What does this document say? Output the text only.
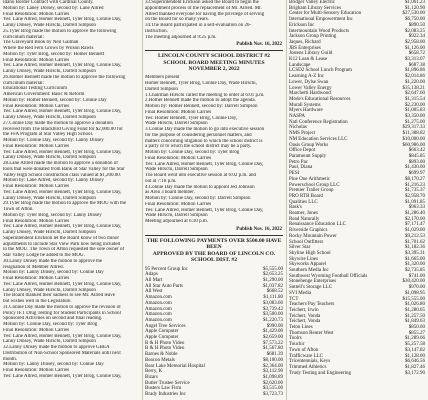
Idaho Border Contract with Cardinal County.
Motion by: Laney Dorsey, second by: Lane Allred
Final Resolution: Motion Carries
Yes: Lane Allred, Homer Bennett, Tyler Brog, Connie Day,
Lanny Dinsey, Wade Hirschi, Darrell Simpson
25.Tyler Brog made the motion to approve the following
curriculum material:
The Graveyard Book by Neil Gaiman
Where the Red Fern Grows by Wilson Rawls
Motion by: Tyler Brog, second by: Homer Bennett
Final Resolution: Motion Carries
Yes: Lane Allred, Homer Bennett, Tyler Brog, Connie Day,
Lanny Dinsey, Wade Hirschi, Darrell Simpson
26.Homer Bennett made the motion to approve the following
curriculum material:
Educational Testing Curriculum
American Government: Basic & Reform
Motion by: Homer Bennett, second by: Connie Day
Final Resolution: Motion Carries
Yes: Lane Allred, Homer Bennett, Tyler Brog, Connie Day,
Lanny Dinsey, Wade Hirschi, Darrell Simpson
27.Connie Day made the motion to approve a donation
received from The Blackbird Giving Fund for $2,000.00 for
the FFA Program at Star Valley High School.
Motion by: Connie Day, second by: Lanny Dinsey
Final Resolution: Motion Carries
Yes: Lane Allred, Homer Bennett, Tyler Brog, Connie Day,
Lanny Dinsey, Wade Hirschi, Darrell Simpson
28.Lane Allred made the motion to approve a donation of
tools that were donated from Bank of Star Valley for the Star
Valley High School construction class valued at $1,200.00.
Motion by: Lane Allred, second by: Lanny Dinsey
Final Resolution: Motion Carries
Yes: Lane Allred, Homer Bennett, Tyler Brog, Connie Day,
Lanny Dinsey, Wade Hirschi, Darrell Simpson
29.Tyler Brog made the motion to approve the MOU with the
Town of Afton.
Motion by: Tyler Brog, second by: Lanny Dinsey
Final Resolution: Motion Carries
Yes: Lane Allred, Homer Bennett, Tyler Brog, Connie Day,
Lanny Dinsey, Wade Hirschi, Darrell Simpson
Superintendent Erickson let the Board know of two minor
adjustments to include Star View Park now being included
in the MOU. The Town of Afton requested the sole owner of
Star Valley Lodge be added to the MOU.
30.Lanny Dinsey made the motion to approve the
resignation of Member Allred.
Motion by: Lanny Dinsey, second by: Connie Day
Final Resolution: Motion Carries
Yes: Lane Allred, Homer Bennett, Tyler Brog, Connie Day,
Lanny Dinsey, Wade Hirschi, Darrell Simpson
The Board thanked their sadness to see Mr. Allred leave
but wishes well in the Legislature.
31.Connie Day made the motion to approve the revision of
Policy IF.1 Drug Testing for Student Participants in School
Sponsored Activities on second and final reading.
Motion by: Connie Day, second by: Tyler Brog
Final Resolution: Motion Carries
Yes: Lane Allred, Homer Bennett, Tyler Brog, Connie Day,
Lanny Dinsey, Wade Hirschi, Darrell Simpson
32.Lanny Dinsey made the motion to approve GBEA
Distribution of Non-School Sponsored Materials until next
month.
Motion by: Lanny Dinsey, second by: Connie Day
Final Resolution: Motion Carries
Yes: Lane Allred, Homer Bennett, Tyler Brog, Connie Day,
33.Superintendent Erickson asked the Board to begin the
appointment process of the replacement of Mr. Allred. Mr.
Allred thanked everyone for having the privilege of serving
on the Board for so many years.
34.The Board participated in a self-evaluation on 26-
Instruction.
The meeting adjourned at 9:25 p.m.
Publish Nov. 16, 2022
LINCOLN COUNTY SCHOOL DISTRICT #2
SCHOOL BOARD MEETING MINUTES
NOVEMBER 2, 2022
Members present
Homer Bennett, Tyler Brog, Connie Day, Wade Hirschi,
Darrell Simpson
1.Chairman Hirschi called the meeting to order at 6:01 p.m.
2.Homer Bennett made the motion to adopt the agenda.
Motion by: Homer Bennett, second by: Darrell Simpson
Final Resolution: Motion Carries
Yes: Homer Bennett, Tyler Brog, Connie Day,
Wade Hirschi, Darrell Simpson
3.Connie Day made the motion to go into executive session
for the purpose of considering personnel matters, and
matters concerning litigation to which the school district is
a party or to which the school district may be a party.
Motion by: Connie Day, second by: Tyler Brog
Final Resolution: Motion Carries
Yes: Lane Allred, Homer Bennett, Tyler Brog, Connie Day,
Wade Hirschi, Darrell Simpson
The Board went into executive session at 6:02 p.m. and
out at 7:18 p.m.
4.Connie Day made the motion to appoint Jed Johnson
as Area 3 board member.
Motion by: Connie Day, second by: Darrell Simpson
Final Resolution: Motion Carries
Yes: Lane Allred, Homer Bennett, Tyler Brog, Connie Day,
Wade Hirschi, Darrell Simpson
Meeting adjourned at 6:30 p.m.
Publish Nov. 16, 2022
THE FOLLOWING PAYMENTS OVER $500.00 HAVE
BEEN
APPROVED BY THE BOARD OF LINCOLN CO.
SCHOOL DIST. #2
95 Percent Group Inc	$5,555.00
Adaps	$2,653.25
All Mart	$1,290.00
All Star Auto Parts	$1,037.82
All West	$668.52
Amazon.com	$1,111.80
Amazon.com	$3,083.60
Amazon.com	$3,739.42
Amazon.com	$3,500.00
Amazon.com	$1,220.73
Angel Tree Services	$990.00
Apple Computer	$1,429.00
Apple Computer	$2,659.00
B & H Photo Video	$7,573.22
B & H Photo Video	$1,567.80
Barnes & Noble	$681.39
Beacon Metals	$8,100.00
Bear Lake Memorial Hospital	$2,364.00
Berry, K	$3,112.90
Bizars	$1,098.89
Butler Trustee Service	$2,620.00
Busters Law Firm	$3,515.00
Brady Industries Inc	$3,723.73
Bridger Valley Electric	$1,061.23
Brigham Library Services	$1,120.90
Center for Multi-Sensory Education	$27,530.00
International Empowerment Inc	$6,750.00
Erickson Inc	$890.50
Intermountain Wood Products	$2,083.25
Jackson Group Printing	$922.34
Jaques, Richard	$2,958.00
JBS Enterprises	$1,126.00
Jostens Library Guild	$658.72
K12 Loan & Lease	$3,313.07
Landscape	$687.38
LCSD2 School Lunch Program	$1,896.86
Learning A-Z Inc	$2,014.86
Lower, Dylse Swan	$1,220.00
Lower Valley Energy	$35,138.21
Marchetti Hardwood	$2,647.60
Mode's Educational Resources	$1,315.54
Murali Systems	$2,230.00
Myers Hardware	$1,005.83
NASPA	$3,350.00
Natl Conference Registration	$1,275.00
Nicholas	$29,317.33
NMS Project	$11,388.82
NM Education Services LLC	$10,000.00
Oasis Group Works	$60,986.00
Office Depot	$663.42
Paramount Supply	$845.85
Petro Pac	$893.00
Paul, Diana	$1,430.00
PESI	$699.97
Pine One Arithmetic	$8,170.27
Powerschool Group LLC	$1,216.23
Premier Trailer Group	$1,735.37
PRO RTR Board	$2,958.70
Qualities LLC	$1,091.85
Rask's	$963.33
Reamer, Jones	$1,286.40
Read Naturally	$2,170.00
Renaissance Education LLC	$7,171.47
Riverside Graphics	$1,029.00
Rocky Mountain Power	$9,212.53
School Outfitters	$1,701.62
Silver Star	$1,182.36
Skyline High School	$3,395.31
Skywire Lines	$1,665.00
Skyworks Apparel	$1,320.00
Southern Media Inc	$2,735.85
Southwest Wyoming Football Officials	$741.00
Stonehenge Enterprises	$30,420.00
Suttell's Storage LLC	$970.00
SVI Media	$1,098.95
TCT	$15,555.00
Teachers Pay Teachers	$1,026.80
Teichert, Irwin	$1,280.65
Teichert, Vonda	$1,257.50
Teichert, Vonda	$1,849.63
Teton Lines	$850.60
Thomson Reuter West	$855.27
Toolrs	$1,289.66
Touchir	$5,257.58
Town of Afton	$3,147.82
Trafficware LLC	$1,128.00
Tricentennials, Keys	$6,646.56
Trimmed Athletics	$1,827.46
Trudy Testing and Engineering	$3,172.90
